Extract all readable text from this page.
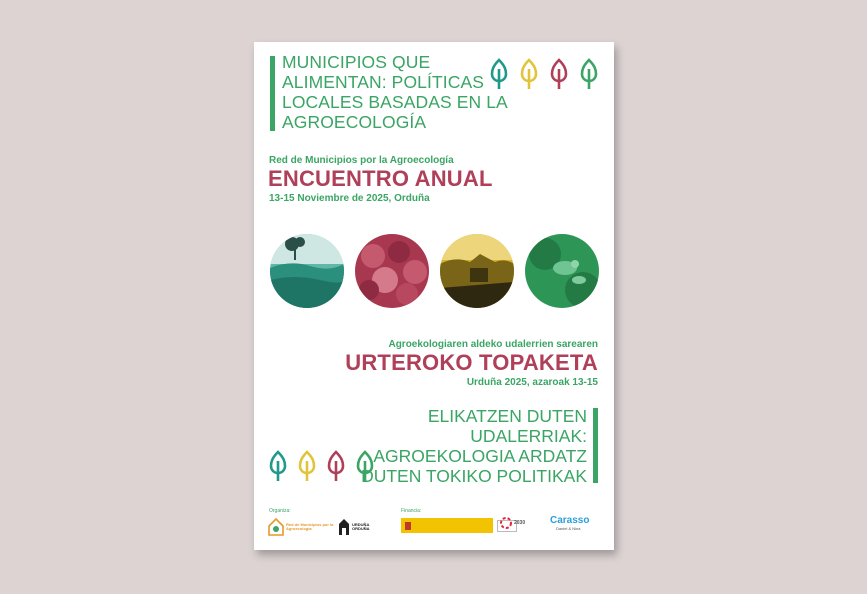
MUNICIPIOS QUE ALIMENTAN: POLÍTICAS LOCALES BASADAS EN LA AGROECOLOGÍA
Red de Municipios por la Agroecología
ENCUENTRO ANUAL
13-15 Noviembre de 2025, Orduña
Agroekologiaren aldeko udalerrien sarearen
URTEROKO TOPAKETA
Urduña 2025, azaroak 13-15
ELIKATZEN DUTEN UDALERRIAK: AGROEKOLOGIA ARDATZ DUTEN TOKIKO POLITIKAK
Organiza:	Financia:
Red de Municipios por la Agroecología
URDUÑA ORDUÑA
2030 Carasso
Daniel & Nina
